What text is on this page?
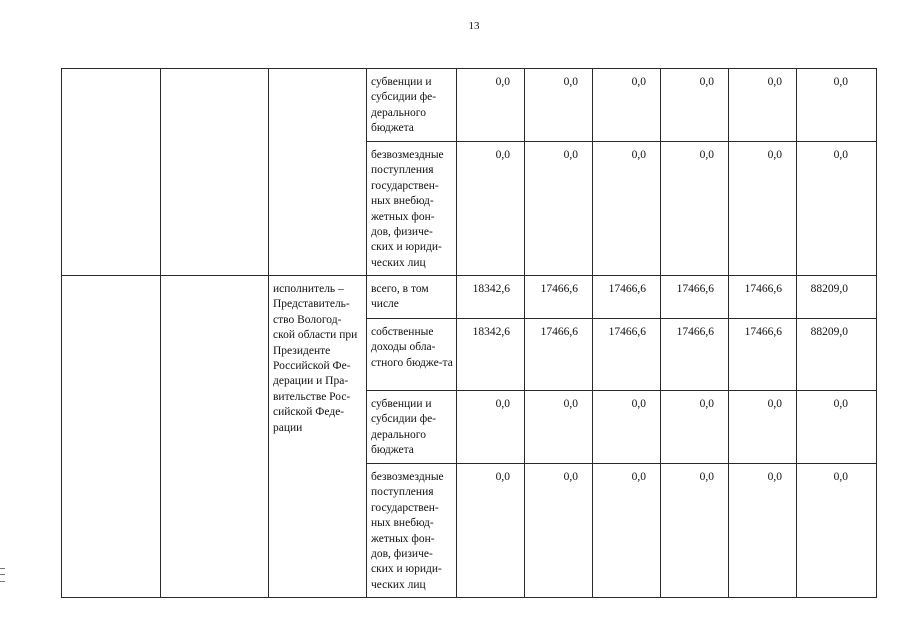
13
			субвенции и субсидии фе-дерального бюджета	0,0	0,0	0,0	0,0	0,0	0,0
			безвозмездные поступления государствен-ных внебюд-жетных фон-дов, физиче-ских и юриди-ческих лиц	0,0	0,0	0,0	0,0	0,0	0,0
		исполнитель – Представитель-ство Вологод-ской области при Президенте Российской Фе-дерации и Пра-вительстве Рос-сийской Феде-рации	всего, в том числе	18342,6	17466,6	17466,6	17466,6	17466,6	88209,0
			собственные доходы обла-стного бюдже-та	18342,6	17466,6	17466,6	17466,6	17466,6	88209,0
			субвенции и субсидии фе-дерального бюджета	0,0	0,0	0,0	0,0	0,0	0,0
			безвозмездные поступления государствен-ных внебюд-жетных фон-дов, физиче-ских и юриди-ческих лиц	0,0	0,0	0,0	0,0	0,0	0,0
